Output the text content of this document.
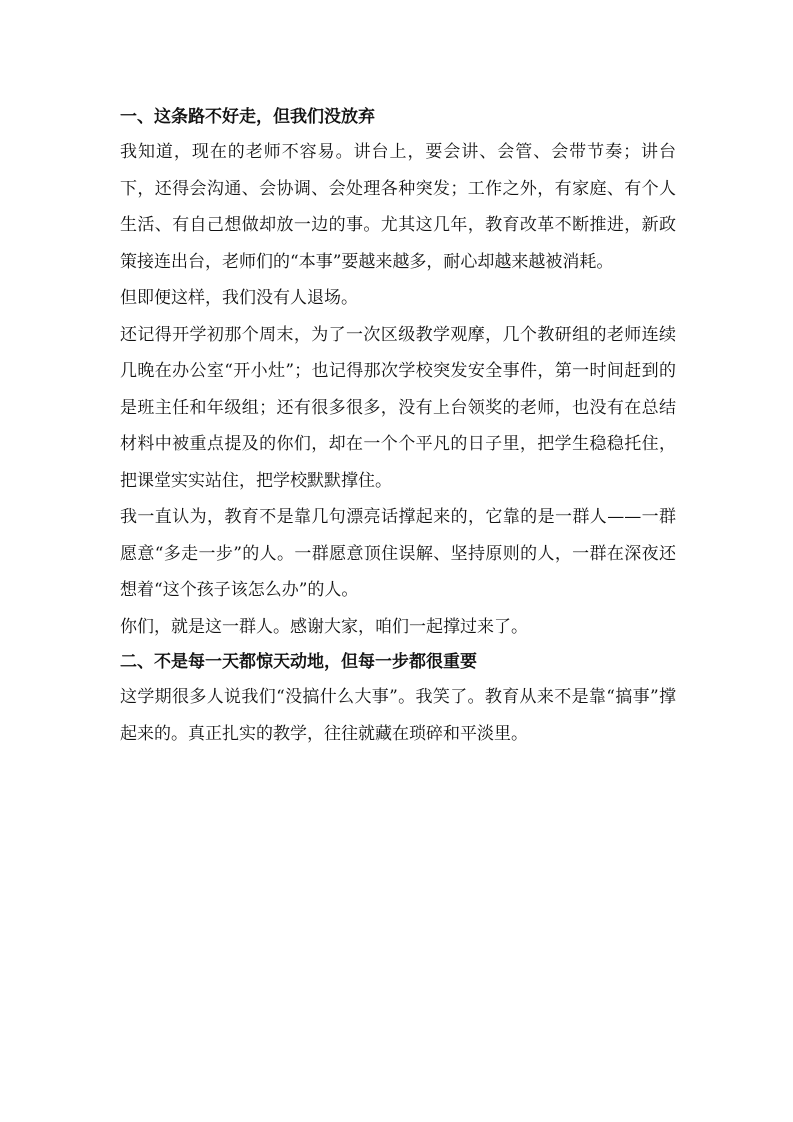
一、这条路不好走，但我们没放弃

我知道，现在的老师不容易。讲台上，要会讲、会管、会带节奏；讲台下，还得会沟通、会协调、会处理各种突发；工作之外，有家庭、有个人生活、有自己想做却放一边的事。尤其这几年，教育改革不断推进，新政策接连出台，老师们的“本事”要越来越多，耐心却越来越被消耗。

但即便这样，我们没有人退场。

还记得开学初那个周末，为了一次区级教学观摩，几个教研组的老师连续几晚在办公室“开小灶”；也记得那次学校突发安全事件，第一时间赶到的是班主任和年级组；还有很多很多，没有上台领奖的老师，也没有在总结材料中被重点提及的你们，却在一个个平凡的日子里，把学生稳稳托住，把课堂实实站住，把学校默默撑住。

我一直认为，教育不是靠几句漂亮话撑起来的，它靠的是一群人——一群愿意“多走一步”的人。一群愿意顶住误解、坚持原则的人，一群在深夜还想着“这个孩子该怎么办”的人。

你们，就是这一群人。感谢大家，咱们一起撑过来了。

二、不是每一天都惊天动地，但每一步都很重要

这学期很多人说我们“没搞什么大事”。我笑了。教育从来不是靠“搞事”撑起来的。真正扎实的教学，往往就藏在琐碎和平淡里。
